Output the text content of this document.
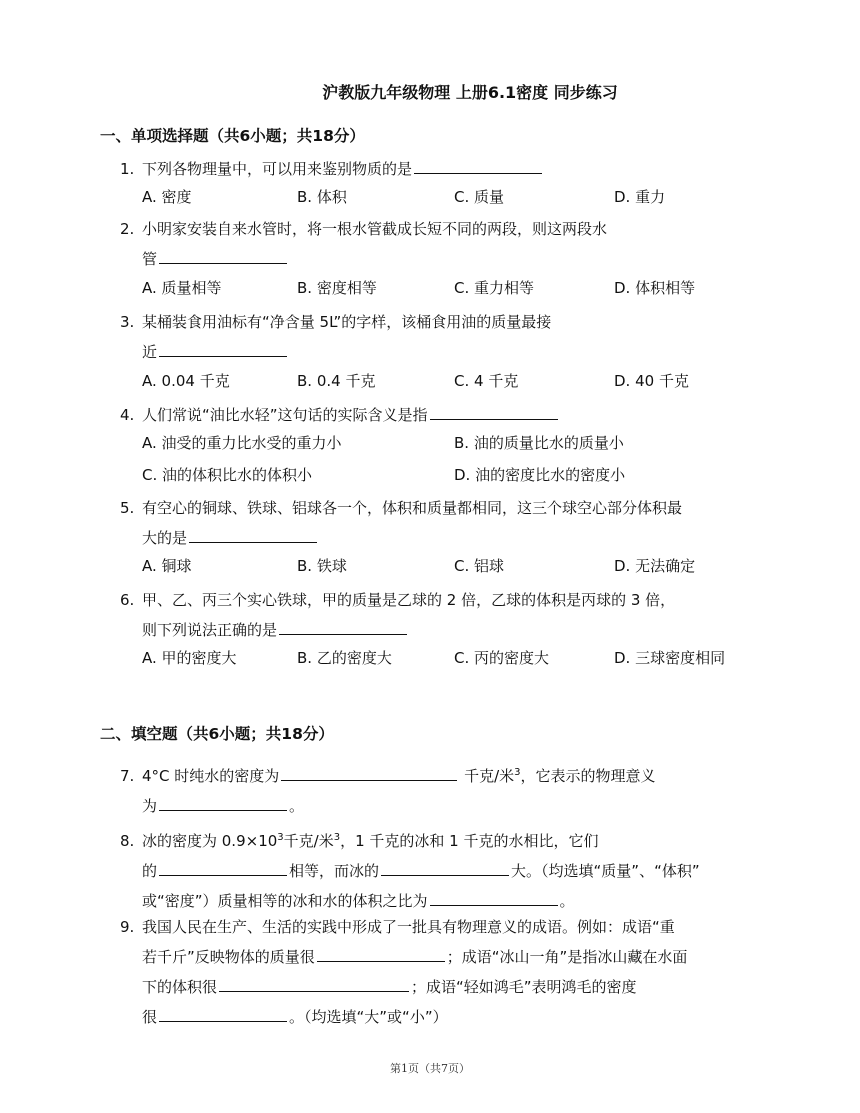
沪教版九年级物理 上册6.1密度 同步练习
一、单项选择题（共6小题；共18分）
1. 下列各物理量中，可以用来鉴别物质的是
A. 密度	B. 体积	C. 质量	D. 重力
2. 小明家安装自来水管时，将一根水管截成长短不同的两段，则这两段水
管
A. 质量相等	B. 密度相等	C. 重力相等	D. 体积相等
3. 某桶装食用油标有“净含量 5L”的字样，该桶食用油的质量最接
近
A. 0.04 千克	B. 0.4 千克	C. 4 千克	D. 40 千克
4. 人们常说“油比水轻”这句话的实际含义是指
A. 油受的重力比水受的重力小	B. 油的质量比水的质量小
C. 油的体积比水的体积小	D. 油的密度比水的密度小
5. 有空心的铜球、铁球、铝球各一个，体积和质量都相同，这三个球空心部分体积最
大的是
A. 铜球	B. 铁球	C. 铝球	D. 无法确定
6. 甲、乙、丙三个实心铁球，甲的质量是乙球的 2 倍，乙球的体积是丙球的 3 倍，
则下列说法正确的是
A. 甲的密度大	B. 乙的密度大	C. 丙的密度大	D. 三球密度相同
二、填空题（共6小题；共18分）
7. 4°C 时纯水的密度为	千克/米$^3$，它表示的物理意义
为	。
8. 冰的密度为 $0.9\times 10^3$千克/米$^3$，1 千克的冰和 1 千克的水相比，它们
的	相等，而冰的	大。（均选填“质量”、“体积”
或“密度”）质量相等的冰和水的体积之比为	。
9. 我国人民在生产、生活的实践中形成了一批具有物理意义的成语。例如：成语“重
若千斤”反映物体的质量很	；成语“冰山一角”是指冰山藏在水面
下的体积很	；成语“轻如鸿毛”表明鸿毛的密度
很	。（均选填“大”或“小”）
第1页（共7页）
